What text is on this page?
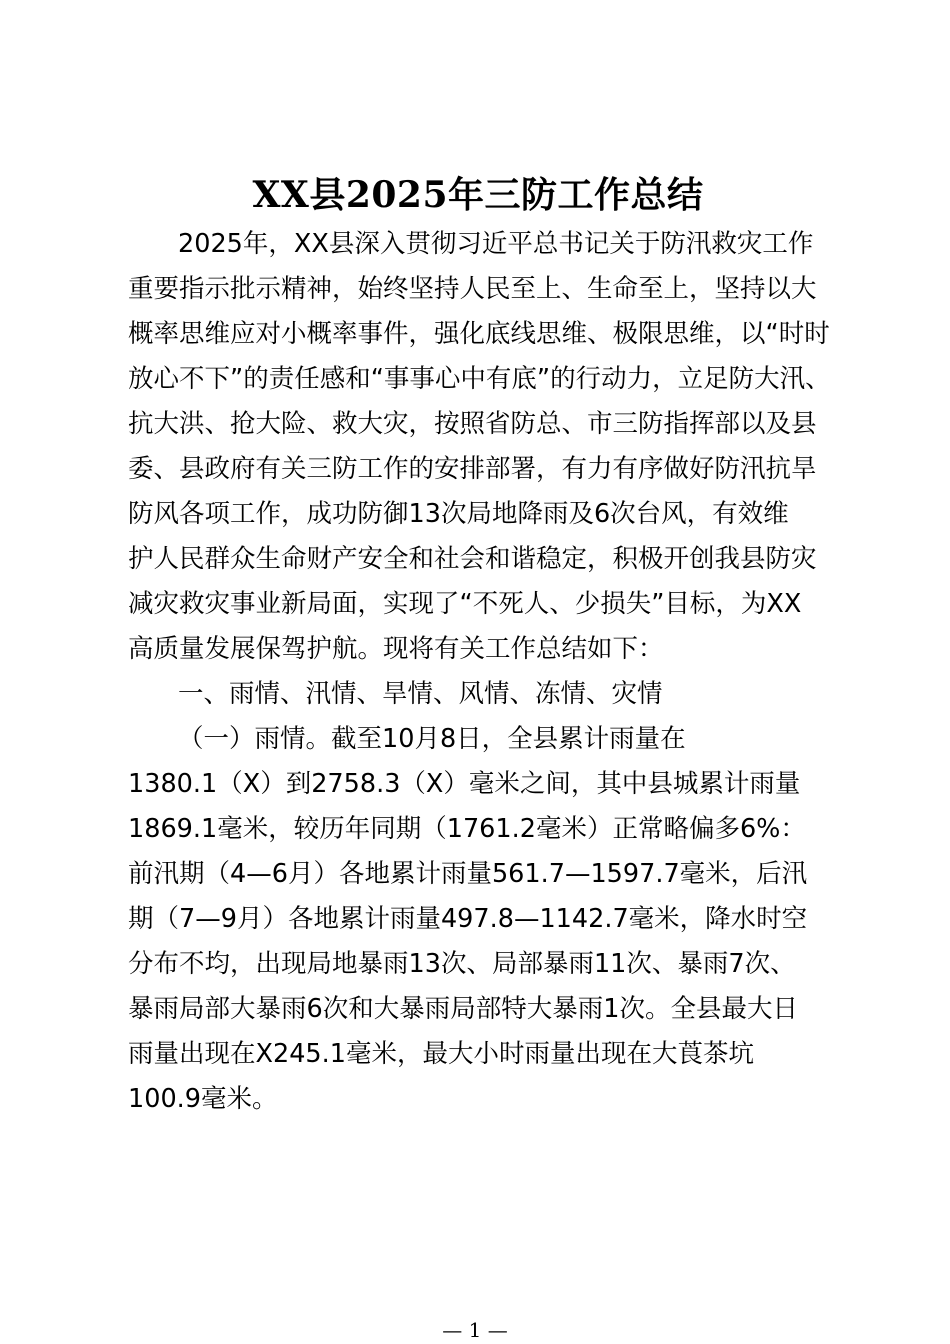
XX县2025年三防工作总结
2025年，XX县深入贯彻习近平总书记关于防汛救灾工作
重要指示批示精神，始终坚持人民至上、生命至上，坚持以大
概率思维应对小概率事件，强化底线思维、极限思维，以“时时
放心不下”的责任感和“事事心中有底”的行动力，立足防大汛、
抗大洪、抢大险、救大灾，按照省防总、市三防指挥部以及县
委、县政府有关三防工作的安排部署，有力有序做好防汛抗旱
防风各项工作，成功防御13次局地降雨及6次台风，有效维
护人民群众生命财产安全和社会和谐稳定，积极开创我县防灾
减灾救灾事业新局面，实现了“不死人、少损失”目标，为XX
高质量发展保驾护航。现将有关工作总结如下：
一、雨情、汛情、旱情、风情、冻情、灾情
（一）雨情。截至10月8日，全县累计雨量在
1380.1（X）到2758.3（X）毫米之间，其中县城累计雨量
1869.1毫米，较历年同期（1761.2毫米）正常略偏多6%：
前汛期（4—6月）各地累计雨量561.7—1597.7毫米，后汛
期（7—9月）各地累计雨量497.8—1142.7毫米，降水时空
分布不均，出现局地暴雨13次、局部暴雨11次、暴雨7次、
暴雨局部大暴雨6次和大暴雨局部特大暴雨1次。全县最大日
雨量出现在X245.1毫米，最大小时雨量出现在大莨茶坑
100.9毫米。
— 1 —
